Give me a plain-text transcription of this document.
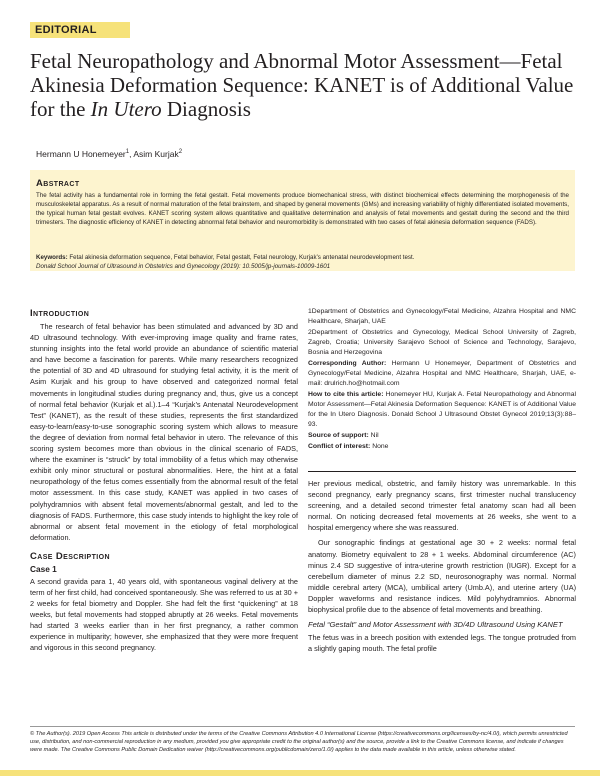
EDITORIAL
Fetal Neuropathology and Abnormal Motor Assessment—Fetal Akinesia Deformation Sequence: KANET is of Additional Value for the In Utero Diagnosis
Hermann U Honemeyer$^1$, Asim Kurjak$^2$
Abstract
The fetal activity has a fundamental role in forming the fetal gestalt. Fetal movements produce biomechanical stress, with distinct biochemical effects determining the morphogenesis of the musculoskeletal apparatus. As a result of normal maturation of the fetal brainstem, and shaped by general movements (GMs) and increasing variability of highly differentiated isolated movements, the typical human fetal gestalt evolves. KANET scoring system allows quantitative and qualitative determination and analysis of fetal movements and gestalt during the second and the third trimesters. The diagnostic efficiency of KANET in detecting abnormal fetal behavior and neuromorbidity is demonstrated with two cases of fetal akinesia deformation sequence (FADS).
Keywords: Fetal akinesia deformation sequence, Fetal behavior, Fetal gestalt, Fetal neurology, Kurjak’s antenatal neurodevelopment test.
Donald School Journal of Ultrasound in Obstetrics and Gynecology (2019): 10.5005/jp-journals-10009-1601
Introduction

The research of fetal behavior has been stimulated and advanced by 3D and 4D ultrasound technology. With ever-improving image quality and frame rates, stunning insights into the fetal world provide an abundance of scientific material and have become a fascination for parents. While many researchers recognized the potential of 3D and 4D ultrasound for studying fetal activity, it is the merit of Asim Kurjak and his group to have observed and categorized normal fetal movements in longitudinal studies during pregnancy and, thus, give us a concept of normal fetal behavior (Kurjak et al.).1–4 “Kurjak’s Antenatal Neurodevelopment Test” (KANET), as the result of these studies, represents the first standardized easy-to-learn/easy-to-use sonographic scoring system which allows to measure the degree of deviation from normal fetal behavior in utero. The relevance of this scoring system becomes more than obvious in the clinical scenario of FADS, where the examiner is “struck” by total immobility of a fetus which may otherwise exhibit only minor structural or postural abnormalities. Here, the hint at a fatal neuropathology of the fetus comes essentially from the abnormal result of the fetal motor assessment. In this case study, KANET was applied in two cases of polyhydramnios with absent fetal movements/abnormal gestalt, and led to the diagnosis of FADS. Furthermore, this case study intends to highlight the key role of abnormal or absent fetal movement in the etiology of fetal morphological deformation.

Case Description
Case 1

A second gravida para 1, 40 years old, with spontaneous vaginal delivery at the term of her first child, had conceived spontaneously. She was referred to us at 30 + 2 weeks for fetal biometry and Doppler. She had felt the first “quickening” at 18 weeks, but fetal movements had stopped abruptly at 26 weeks. Fetal movements had started 3 weeks earlier than in her first pregnancy, a rather common experience in multiparity; however, she emphasized that they were more frequent and vigorous in this second pregnancy.

1Department of Obstetrics and Gynecology/Fetal Medicine, Alzahra Hospital and NMC Healthcare, Sharjah, UAE

2Department of Obstetrics and Gynecology, Medical School University of Zagreb, Zagreb, Croatia; University Sarajevo School of Science and Technology, Sarajevo, Bosnia and Herzegovina

Corresponding Author: Hermann U Honemeyer, Department of Obstetrics and Gynecology/Fetal Medicine, Alzahra Hospital and NMC Healthcare, Sharjah, UAE, e-mail: drulrich.ho@hotmail.com

How to cite this article: Honemeyer HU, Kurjak A. Fetal Neuropathology and Abnormal Motor Assessment—Fetal Akinesia Deformation Sequence: KANET is of Additional Value for the In Utero Diagnosis. Donald School J Ultrasound Obstet Gynecol 2019;13(3):88–93.

Source of support: Nil

Conflict of interest: None

Her previous medical, obstetric, and family history was unremarkable. In this second pregnancy, early pregnancy scans, first trimester nuchal translucency screening, and a detailed second trimester fetal anatomy scan had all been normal. On noticing decreased fetal movements at 26 weeks, she went to a hospital emergency where she was reassured.

Our sonographic findings at gestational age 30 + 2 weeks: normal fetal anatomy. Biometry equivalent to 28 + 1 weeks. Abdominal circumference (AC) minus 2.4 SD suggestive of intra-uterine growth restriction (IUGR). Except for a cerebellum diameter of minus 2.2 SD, neurosonography was normal. Normal middle cerebral artery (MCA), umbilical artery (Umb.A), and uterine artery (UA) Doppler waveforms and resistance indices. Mild polyhydramnios. Abnormal biophysical profile due to the absence of fetal movements and breathing.

Fetal “Gestalt” and Motor Assessment with 3D/4D Ultrasound Using KANET

The fetus was in a breech position with extended legs. The tongue protruded from a slightly gaping mouth. The fetal profile

© The Author(s). 2019 Open Access This article is distributed under the terms of the Creative Commons Attribution 4.0 International License (https://creativecommons.org/licenses/by-nc/4.0/), which permits unrestricted use, distribution, and non-commercial reproduction in any medium, provided you give appropriate credit to the original author(s) and the source, provide a link to the Creative Commons license, and indicate if changes were made. The Creative Commons Public Domain Dedication waiver (http://creativecommons.org/publicdomain/zero/1.0/) applies to the data made available in this article, unless otherwise stated.
